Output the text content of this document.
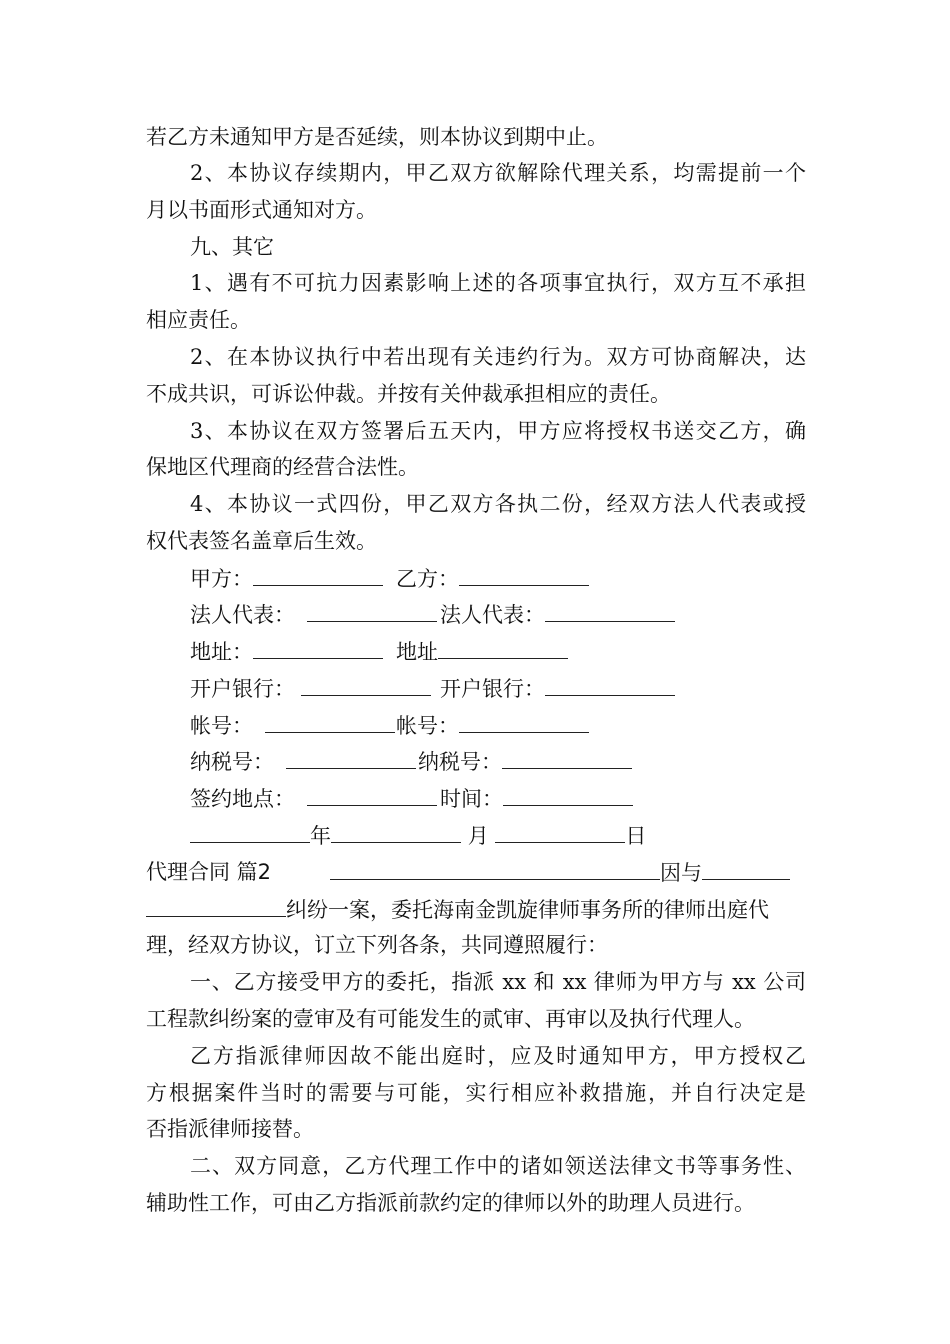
若乙方未通知甲方是否延续，则本协议到期中止。
2、本协议存续期内，甲乙双方欲解除代理关系，均需提前一个
月以书面形式通知对方。
九、其它
1、遇有不可抗力因素影响上述的各项事宜执行，双方互不承担
相应责任。
2、在本协议执行中若出现有关违约行为。双方可协商解决，达
不成共识，可诉讼仲裁。并按有关仲裁承担相应的责任。
3、本协议在双方签署后五天内，甲方应将授权书送交乙方，确
保地区代理商的经营合法性。
4、本协议一式四份，甲乙双方各执二份，经双方法人代表或授
权代表签名盖章后生效。
甲方：	乙方：
法人代表：	法人代表：
地址：	地址
开户银行：	开户银行：
帐号：	帐号：
纳税号：	纳税号：
签约地点：	时间：
年	月	日
代理合同 篇2	因与
纠纷一案，委托海南金凯旋律师事务所的律师出庭代
理，经双方协议，订立下列各条，共同遵照履行：
一、乙方接受甲方的委托，指派 xx 和 xx 律师为甲方与 xx 公司
工程款纠纷案的壹审及有可能发生的贰审、再审以及执行代理人。
乙方指派律师因故不能出庭时，应及时通知甲方，甲方授权乙
方根据案件当时的需要与可能，实行相应补救措施，并自行决定是
否指派律师接替。
二、双方同意，乙方代理工作中的诸如领送法律文书等事务性、
辅助性工作，可由乙方指派前款约定的律师以外的助理人员进行。
